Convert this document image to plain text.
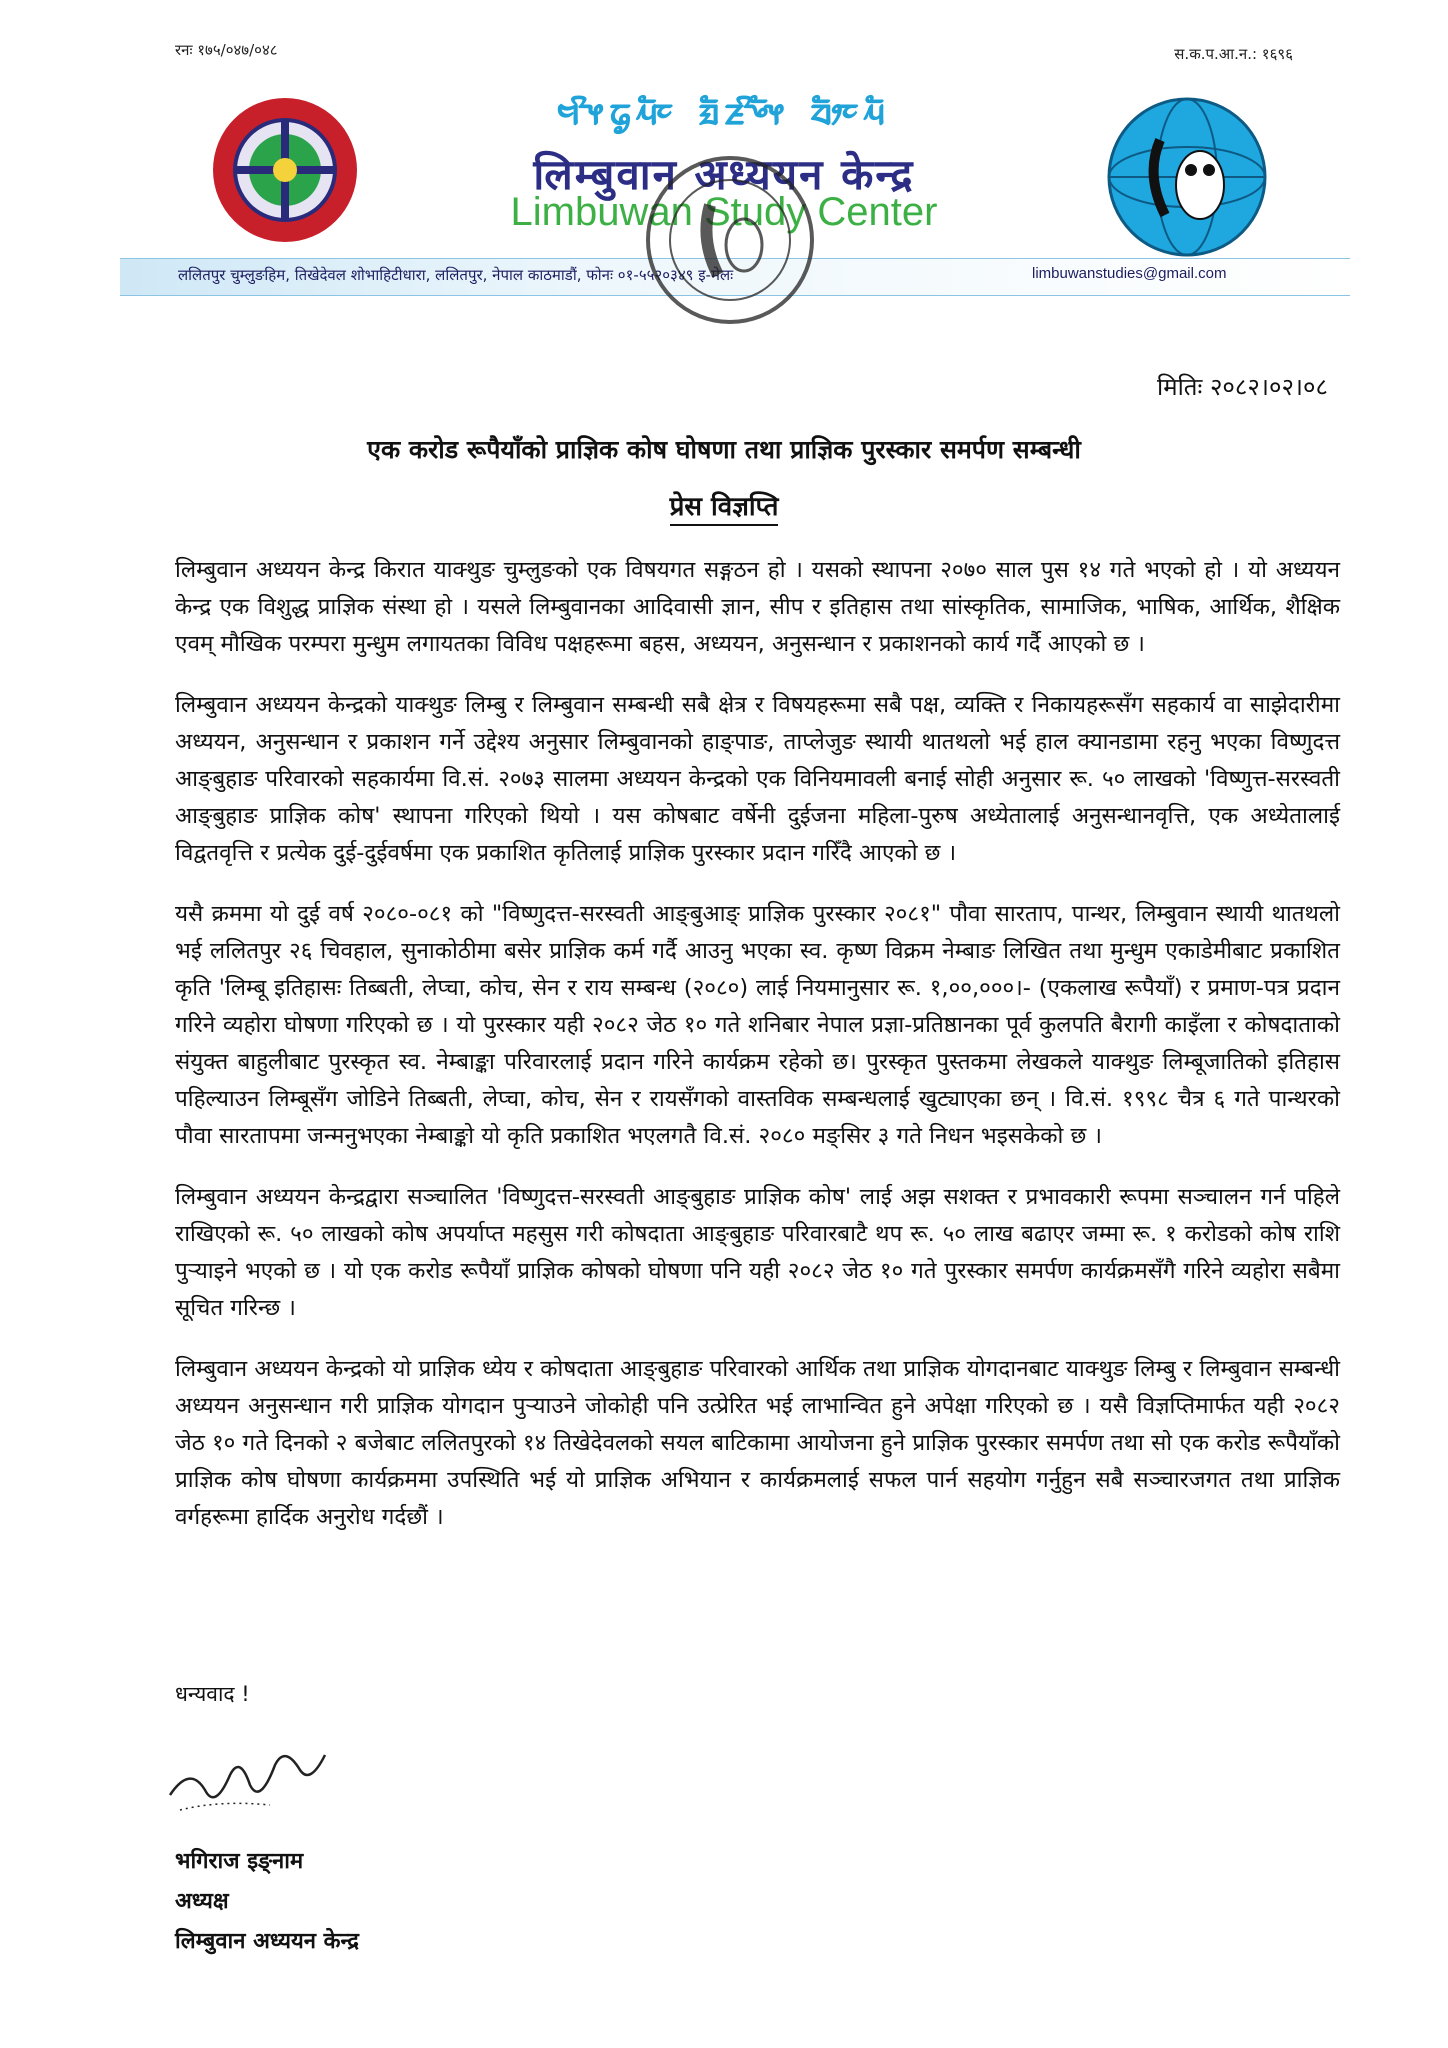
रनः १७५/०४७/०४८	स.क.प.आ.न.: १६९६
ᤗᤡᤶᤒᤢᤘᤠᤰ ᤀᤠᤏᤡᤴᤠᤶ ᤔᤥᤰᤘᤠ
लिम्बुवान अध्ययन केन्द्र
Limbuwan Study Center
ललितपुर चुम्लुङहिम, तिखेदेवल शोभाहिटीधारा, ललितपुर, नेपाल काठमाडौं, फोनः ०१-५५२०३४९ इ-मेलः	limbuwanstudies@gmail.com
मितिः २०८२।०२।०८
एक करोड रूपैयाँको प्राज्ञिक कोष घोषणा तथा प्राज्ञिक पुरस्कार समर्पण सम्बन्धी
प्रेस विज्ञप्ति

लिम्बुवान अध्ययन केन्द्र किरात याक्थुङ चुम्लुङको एक विषयगत सङ्गठन हो । यसको स्थापना २०७० साल पुस १४ गते भएको हो । यो अध्ययन केन्द्र एक विशुद्ध प्राज्ञिक संस्था हो । यसले लिम्बुवानका आदिवासी ज्ञान, सीप र इतिहास तथा सांस्कृतिक, सामाजिक, भाषिक, आर्थिक, शैक्षिक एवम् मौखिक परम्परा मुन्धुम लगायतका विविध पक्षहरूमा बहस, अध्ययन, अनुसन्धान र प्रकाशनको कार्य गर्दै आएको छ ।

लिम्बुवान अध्ययन केन्द्रको याक्थुङ लिम्बु र लिम्बुवान सम्बन्धी सबै क्षेत्र र विषयहरूमा सबै पक्ष, व्यक्ति र निकायहरूसँग सहकार्य वा साझेदारीमा अध्ययन, अनुसन्धान र प्रकाशन गर्ने उद्देश्य अनुसार लिम्बुवानको हाङ्पाङ, ताप्लेजुङ स्थायी थातथलो भई हाल क्यानडामा रहनु भएका विष्णुदत्त आङ्बुहाङ परिवारको सहकार्यमा वि.सं. २०७३ सालमा अध्ययन केन्द्रको एक विनियमावली बनाई सोही अनुसार रू. ५० लाखको 'विष्णुत्त-सरस्वती आङ्बुहाङ प्राज्ञिक कोष' स्थापना गरिएको थियो । यस कोषबाट वर्षेनी दुईजना महिला-पुरुष अध्येतालाई अनुसन्धानवृत्ति, एक अध्येतालाई विद्वतवृत्ति र प्रत्येक दुई-दुईवर्षमा एक प्रकाशित कृतिलाई प्राज्ञिक पुरस्कार प्रदान गरिँदै आएको छ ।

यसै क्रममा यो दुई वर्ष २०८०-०८१ को "विष्णुदत्त-सरस्वती आङ्बुआङ् प्राज्ञिक पुरस्कार २०८१" पौवा सारताप, पान्थर, लिम्बुवान स्थायी थातथलो भई ललितपुर २६ चिवहाल, सुनाकोठीमा बसेर प्राज्ञिक कर्म गर्दै आउनु भएका स्व. कृष्ण विक्रम नेम्बाङ लिखित तथा मुन्धुम एकाडेमीबाट प्रकाशित कृति 'लिम्बू इतिहासः तिब्बती, लेप्चा, कोच, सेन र राय सम्बन्ध (२०८०) लाई नियमानुसार रू. १,००,०००।- (एकलाख रूपैयाँ) र प्रमाण-पत्र प्रदान गरिने व्यहोरा घोषणा गरिएको छ । यो पुरस्कार यही २०८२ जेठ १० गते शनिबार नेपाल प्रज्ञा-प्रतिष्ठानका पूर्व कुलपति बैरागी काइँला र कोषदाताको संयुक्त बाहुलीबाट पुरस्कृत स्व. नेम्बाङ्का परिवारलाई प्रदान गरिने कार्यक्रम रहेको छ। पुरस्कृत पुस्तकमा लेखकले याक्थुङ लिम्बूजातिको इतिहास पहिल्याउन लिम्बूसँग जोडिने तिब्बती, लेप्चा, कोच, सेन र रायसँगको वास्तविक सम्बन्धलाई खुट्याएका छन् । वि.सं. १९९८ चैत्र ६ गते पान्थरको पौवा सारतापमा जन्मनुभएका नेम्बाङ्को यो कृति प्रकाशित भएलगतै वि.सं. २०८० मङ्सिर ३ गते निधन भइसकेको छ ।

लिम्बुवान अध्ययन केन्द्रद्वारा सञ्चालित 'विष्णुदत्त-सरस्वती आङ्बुहाङ प्राज्ञिक कोष' लाई अझ सशक्त र प्रभावकारी रूपमा सञ्चालन गर्न पहिले राखिएको रू. ५० लाखको कोष अपर्याप्त महसुस गरी कोषदाता आङ्बुहाङ परिवारबाटै थप रू. ५० लाख बढाएर जम्मा रू. १ करोडको कोष राशि पुर्‍याइने भएको छ । यो एक करोड रूपैयाँ प्राज्ञिक कोषको घोषणा पनि यही २०८२ जेठ १० गते पुरस्कार समर्पण कार्यक्रमसँगै गरिने व्यहोरा सबैमा सूचित गरिन्छ ।

लिम्बुवान अध्ययन केन्द्रको यो प्राज्ञिक ध्येय र कोषदाता आङ्बुहाङ परिवारको आर्थिक तथा प्राज्ञिक योगदानबाट याक्थुङ लिम्बु र लिम्बुवान सम्बन्धी अध्ययन अनुसन्धान गरी प्राज्ञिक योगदान पुर्‍याउने जोकोही पनि उत्प्रेरित भई लाभान्वित हुने अपेक्षा गरिएको छ । यसै विज्ञप्तिमार्फत यही २०८२ जेठ १० गते दिनको २ बजेबाट ललितपुरको १४ तिखेदेवलको सयल बाटिकामा आयोजना हुने प्राज्ञिक पुरस्कार समर्पण तथा सो एक करोड रूपैयाँको प्राज्ञिक कोष घोषणा कार्यक्रममा उपस्थिति भई यो प्राज्ञिक अभियान र कार्यक्रमलाई सफल पार्न सहयोग गर्नुहुन सबै सञ्चारजगत तथा प्राज्ञिक वर्गहरूमा हार्दिक अनुरोध गर्दछौं ।

धन्यवाद !
भगिराज इङ्नाम
अध्यक्ष
लिम्बुवान अध्ययन केन्द्र
